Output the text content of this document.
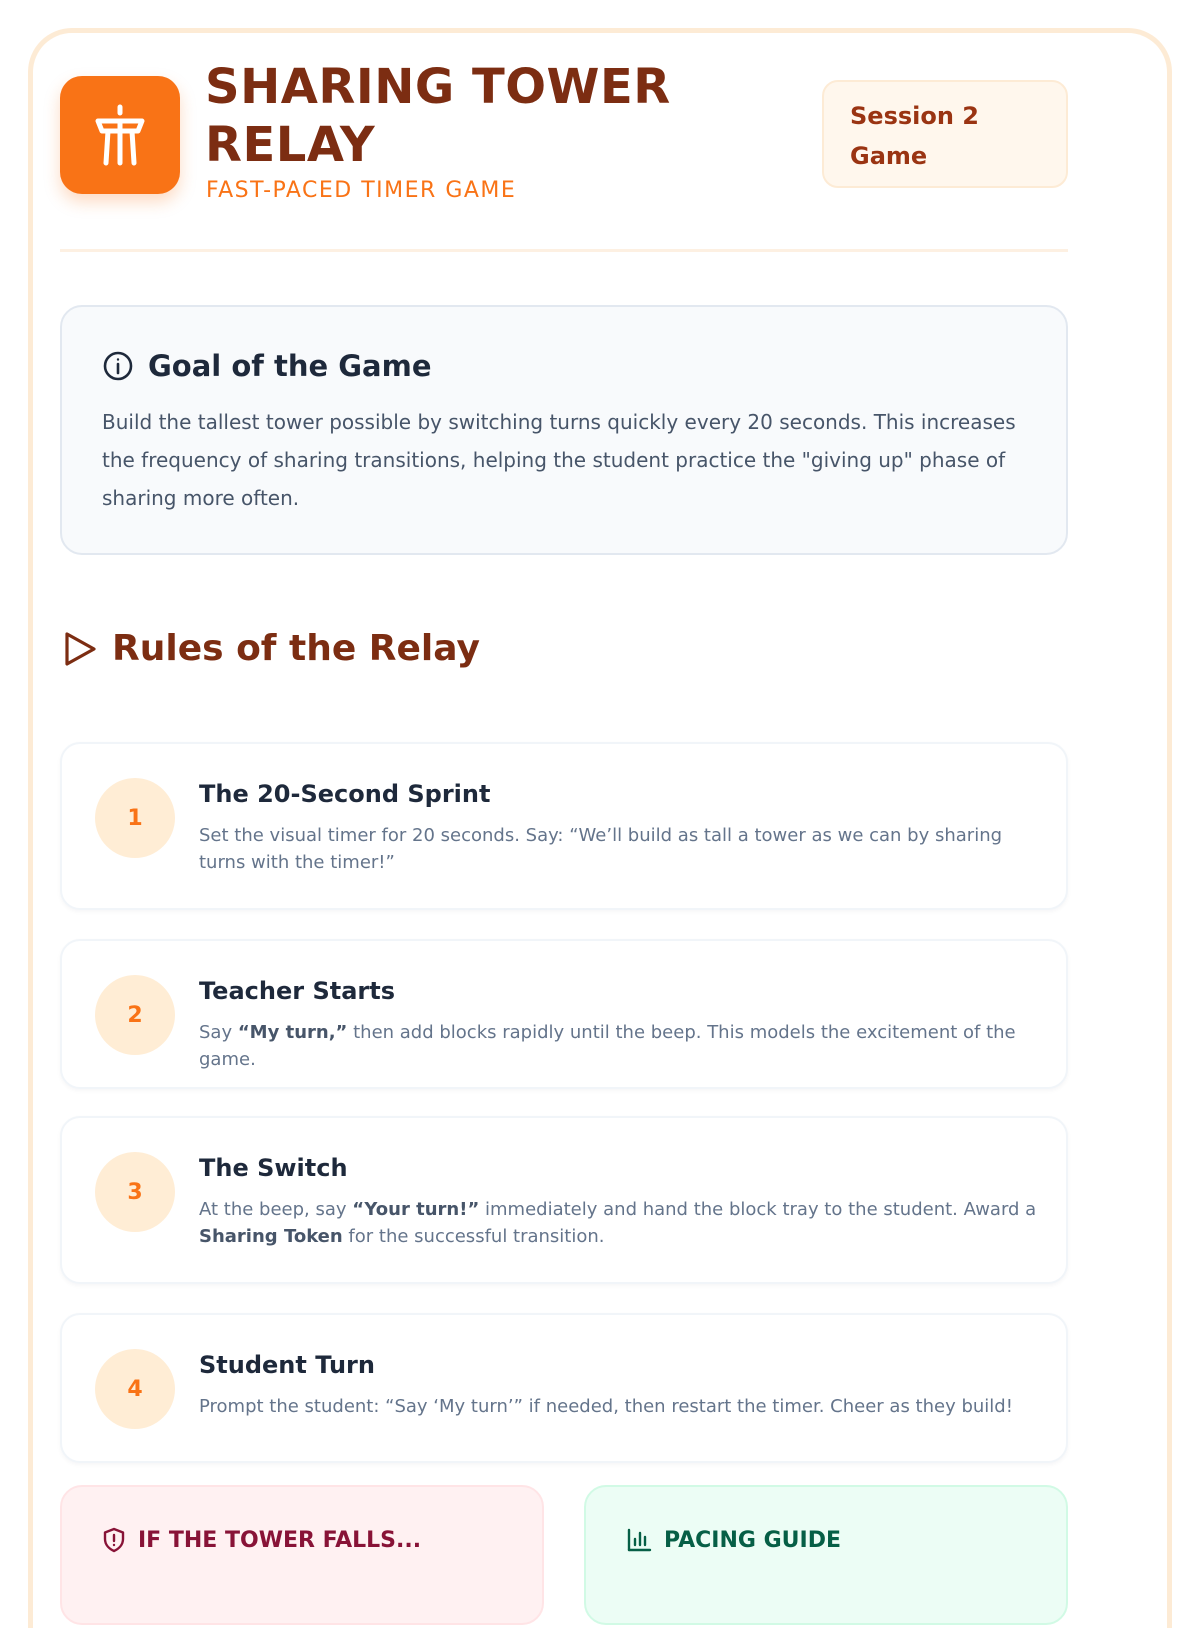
SHARING TOWER RELAY
FAST-PACED TIMER GAME
Session 2 Game
Goal of the Game
Build the tallest tower possible by switching turns quickly every 20 seconds. This increases the frequency of sharing transitions, helping the student practice the "giving up" phase of sharing more often.
Rules of the Relay
1
The 20-Second Sprint
Set the visual timer for 20 seconds. Say: “We’ll build as tall a tower as we can by sharing turns with the timer!”
2
Teacher Starts
Say “My turn,” then add blocks rapidly until the beep. This models the excitement of the game.
3
The Switch
At the beep, say “Your turn!” immediately and hand the block tray to the student. Award a Sharing Token for the successful transition.
4
Student Turn
Prompt the student: “Say ‘My turn’” if needed, then restart the timer. Cheer as they build!
IF THE TOWER FALLS...	PACING GUIDE
